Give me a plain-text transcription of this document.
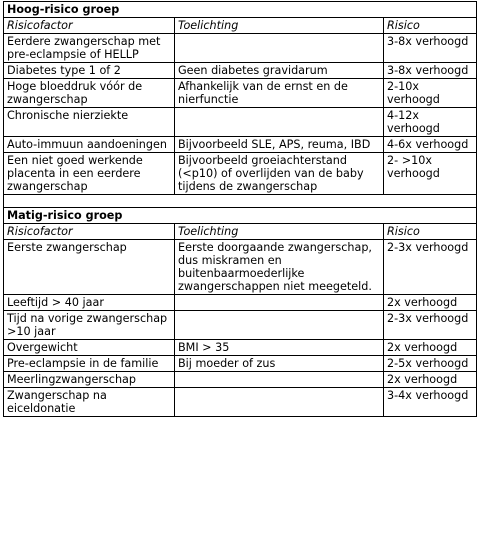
Hoog-risico groep		
Risicofactor	Toelichting	Risico
Eerdere zwangerschap met pre-eclampsie of HELLP		3-8x verhoogd
Diabetes type 1 of 2	Geen diabetes gravidarum	3-8x verhoogd
Hoge bloeddruk vóór de zwangerschap	Afhankelijk van de ernst en de nierfunctie	2-10x verhoogd
Chronische nierziekte		4-12x verhoogd
Auto-immuun aandoeningen	Bijvoorbeeld SLE, APS, reuma, IBD	4-6x verhoogd
Een niet goed werkende placenta in een eerdere zwangerschap	Bijvoorbeeld groeiachterstand (<p10) of overlijden van de baby tijdens de zwangerschap	2- >10x verhoogd

Matig-risico groep		
Risicofactor	Toelichting	Risico
Eerste zwangerschap	Eerste doorgaande zwangerschap, dus miskramen en buitenbaarmoederlijke zwangerschappen niet meegeteld.	2-3x verhoogd
Leeftijd > 40 jaar		2x verhoogd
Tijd na vorige zwangerschap >10 jaar		2-3x verhoogd
Overgewicht	BMI > 35	2x verhoogd
Pre-eclampsie in de familie	Bij moeder of zus	2-5x verhoogd
Meerlingzwangerschap		2x verhoogd
Zwangerschap na eiceldonatie		3-4x verhoogd
